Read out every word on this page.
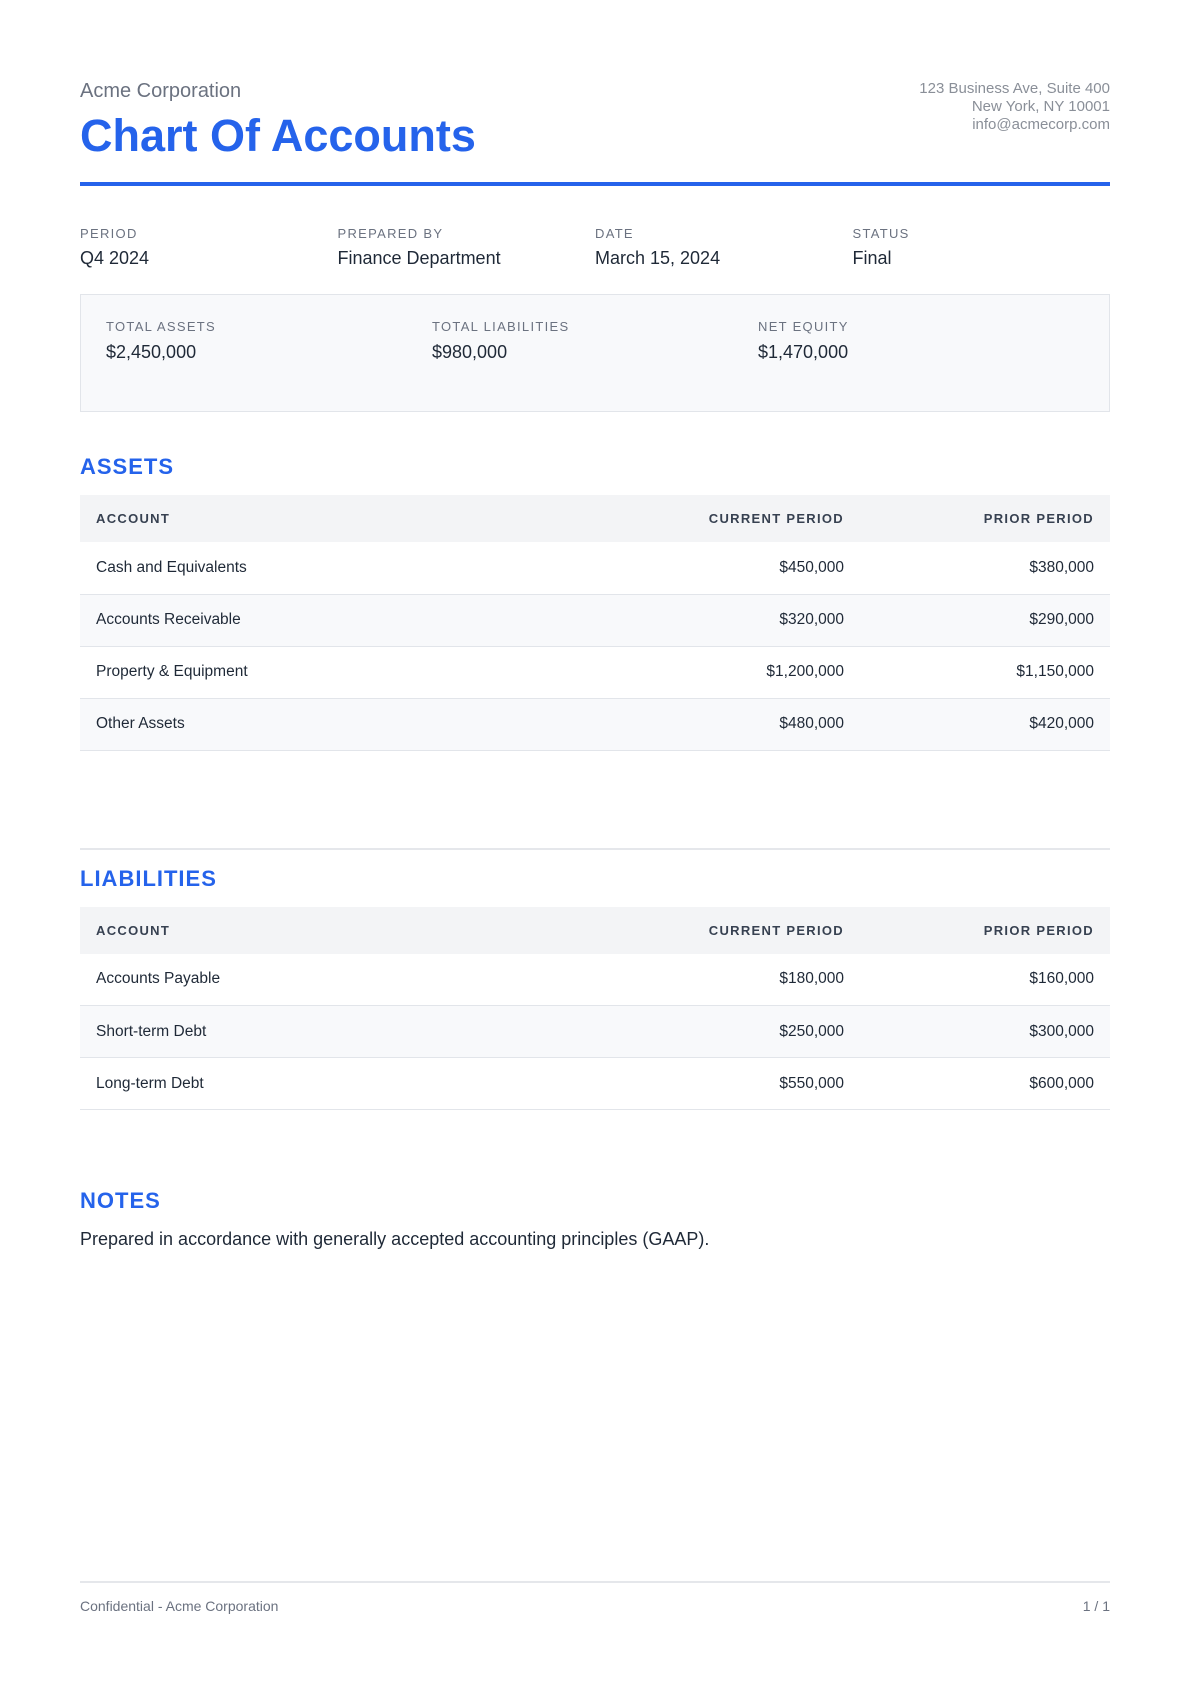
Acme Corporation
Chart Of Accounts
123 Business Ave, Suite 400
New York, NY 10001
info@acmecorp.com
PERIOD
Q4 2024
PREPARED BY
Finance Department
DATE
March 15, 2024
STATUS
Final
TOTAL ASSETS
$2,450,000
TOTAL LIABILITIES
$980,000
NET EQUITY
$1,470,000
ASSETS
ACCOUNT	CURRENT PERIOD	PRIOR PERIOD
Cash and Equivalents	$450,000	$380,000
Accounts Receivable	$320,000	$290,000
Property & Equipment	$1,200,000	$1,150,000
Other Assets	$480,000	$420,000
LIABILITIES
ACCOUNT	CURRENT PERIOD	PRIOR PERIOD
Accounts Payable	$180,000	$160,000
Short-term Debt	$250,000	$300,000
Long-term Debt	$550,000	$600,000
NOTES
Prepared in accordance with generally accepted accounting principles (GAAP).
Confidential - Acme Corporation	1 / 1
